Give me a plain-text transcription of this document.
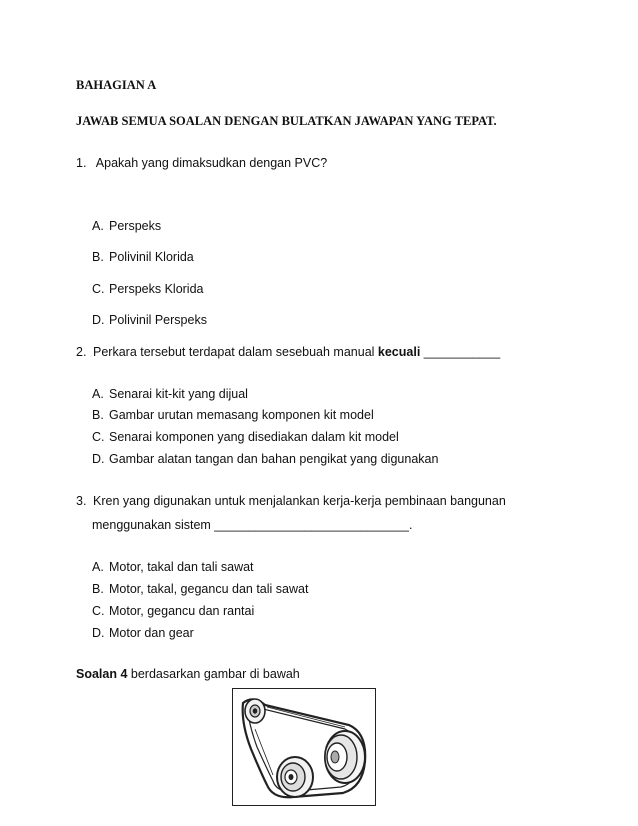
BAHAGIAN A
JAWAB SEMUA SOALAN DENGAN BULATKAN JAWAPAN YANG TEPAT.
1. Apakah yang dimaksudkan dengan PVC?
A. Perspeks
B. Polivinil Klorida
C. Perspeks Klorida
D. Polivinil Perspeks
2. Perkara tersebut terdapat dalam sesebuah manual kecuali ___________
A. Senarai kit-kit yang dijual
B. Gambar urutan memasang komponen kit model
C. Senarai komponen yang disediakan dalam kit model
D. Gambar alatan tangan dan bahan pengikat yang digunakan
3. Kren yang digunakan untuk menjalankan kerja-kerja pembinaan bangunan
menggunakan sistem ____________________________.
A. Motor, takal dan tali sawat
B. Motor, takal, gegancu dan tali sawat
C. Motor, gegancu dan rantai
D. Motor dan gear
Soalan 4 berdasarkan gambar di bawah
